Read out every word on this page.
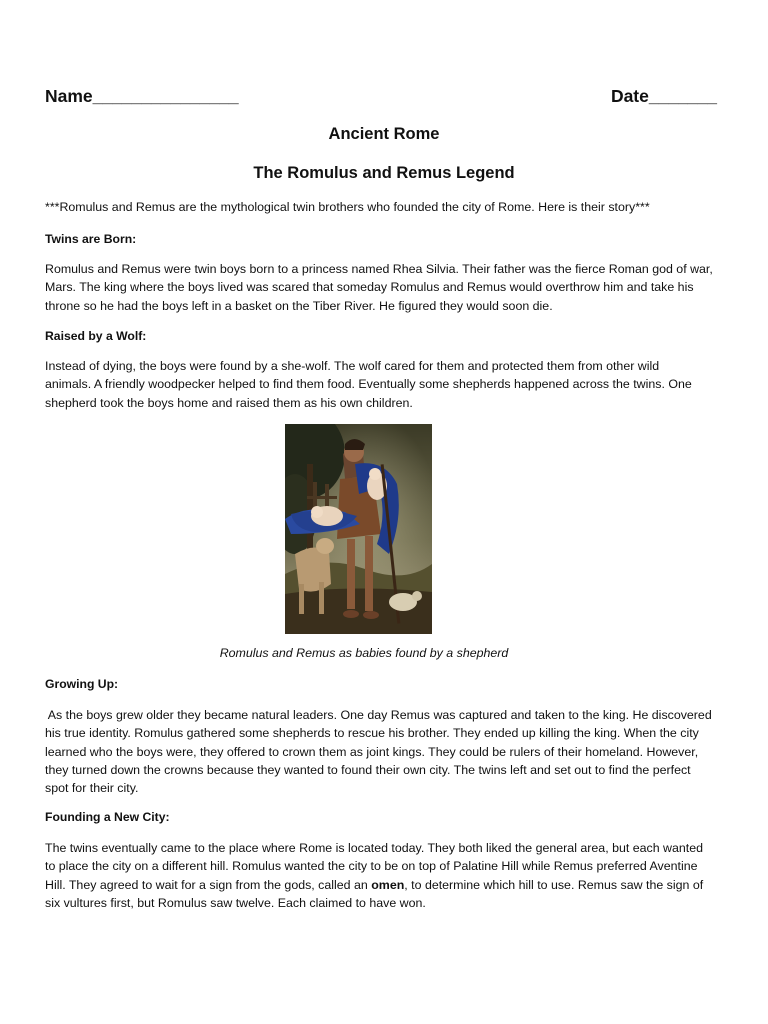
Name_______________	Date_______
Ancient Rome
The Romulus and Remus Legend
***Romulus and Remus are the mythological twin brothers who founded the city of Rome. Here is their story***
Twins are Born:

Romulus and Remus were twin boys born to a princess named Rhea Silvia. Their father was the fierce Roman god of war,
Mars. The king where the boys lived was scared that someday Romulus and Remus would overthrow him and take his
throne so he had the boys left in a basket on the Tiber River. He figured they would soon die.

Raised by a Wolf:

Instead of dying, the boys were found by a she-wolf. The wolf cared for them and protected them from other wild
animals. A friendly woodpecker helped to find them food. Eventually some shepherds happened across the twins. One
shepherd took the boys home and raised them as his own children.

Romulus and Remus as babies found by a shepherd
Growing Up:

As the boys grew older they became natural leaders. One day Remus was captured and taken to the king. He discovered
his true identity. Romulus gathered some shepherds to rescue his brother. They ended up killing the king. When the city
learned who the boys were, they offered to crown them as joint kings. They could be rulers of their homeland. However,
they turned down the crowns because they wanted to found their own city. The twins left and set out to find the perfect
spot for their city.

Founding a New City:

The twins eventually came to the place where Rome is located today. They both liked the general area, but each wanted
to place the city on a different hill. Romulus wanted the city to be on top of Palatine Hill while Remus preferred Aventine
Hill. They agreed to wait for a sign from the gods, called an omen, to determine which hill to use. Remus saw the sign of
six vultures first, but Romulus saw twelve. Each claimed to have won.
